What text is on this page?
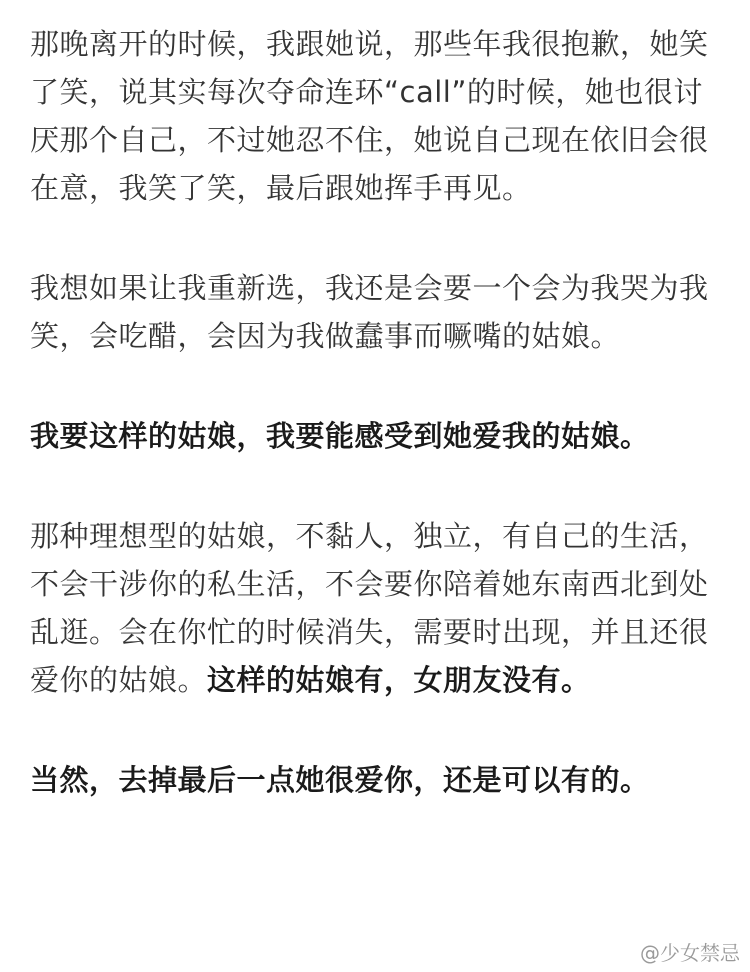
那晚离开的时候，我跟她说，那些年我很抱歉，她笑了笑，说其实每次夺命连环“call”的时候，她也很讨厌那个自己，不过她忍不住，她说自己现在依旧会很在意，我笑了笑，最后跟她挥手再见。

我想如果让我重新选，我还是会要一个会为我哭为我笑，会吃醋，会因为我做蠢事而噘嘴的姑娘。

我要这样的姑娘，我要能感受到她爱我的姑娘。

那种理想型的姑娘，不黏人，独立，有自己的生活，不会干涉你的私生活，不会要你陪着她东南西北到处乱逛。会在你忙的时候消失，需要时出现，并且还很爱你的姑娘。这样的姑娘有，女朋友没有。

当然，去掉最后一点她很爱你，还是可以有的。

@少女禁忌
